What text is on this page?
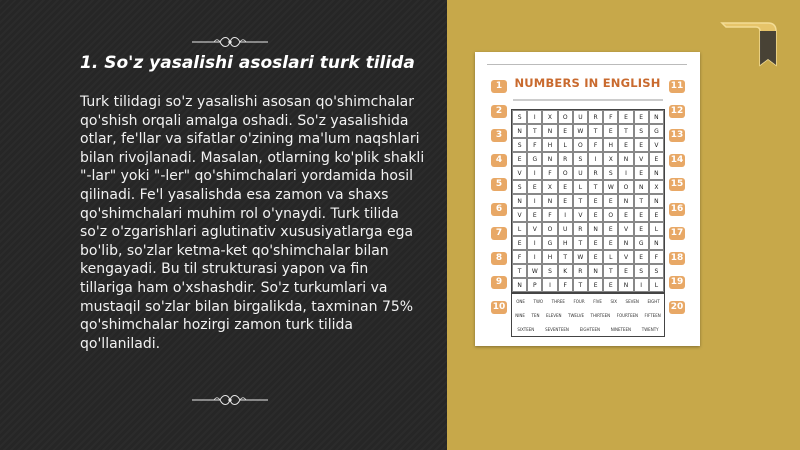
1. So'z yasalishi asoslari turk tilida
Turk tilidagi so'z yasalishi asosan qo'shimchalar qo'shish orqali amalga oshadi. So'z yasalishida otlar, fe'llar va sifatlar o'zining ma'lum naqshlari bilan rivojlanadi. Masalan, otlarning ko'plik shakli "-lar" yoki "-ler" qo'shimchalari yordamida hosil qilinadi. Fe'l yasalishda esa zamon va shaxs qo'shimchalari muhim rol o'ynaydi. Turk tilida so'z o'zgarishlari aglutinativ xususiyatlarga ega bo'lib, so'zlar ketma-ket qo'shimchalar bilan kengayadi. Bu til strukturasi yapon va fin tillariga ham o'xshashdir. So'z turkumlari va mustaqil so'zlar bilan birgalikda, taxminan 75% qo'shimchalar hozirgi zamon turk tilida qo'llaniladi.
NUMBERS IN ENGLISH
1
2
3
4
5
6
7
8
9
10
11
12
13
14
15
16
17
18
19
20
S	I	X	O	U	R	F	E	E	N
N	T	N	E	W	T	E	T	S	G
S	F	H	L	O	F	H	E	E	V
E	G	N	R	S	I	X	N	V	E
V	I	F	O	U	R	S	I	E	N
S	E	X	E	L	T	W	O	N	X
N	I	N	E	T	E	E	N	T	N
V	E	F	I	V	E	O	E	E	E
L	V	O	U	R	N	E	V	E	L
E	I	G	H	T	E	E	N	G	N
F	I	H	T	W	E	L	V	E	F
T	W	S	K	R	N	T	E	S	S
N	P	I	F	T	E	E	N	I	L
ONE TWO THREE FOUR FIVE SIX SEVEN EIGHT
NINE TEN ELEVEN TWELVE THIRTEEN FOURTEEN FIFTEEN
SIXTEEN	SEVENTEEN	EIGHTEEN	NINETEEN	TWENTY
